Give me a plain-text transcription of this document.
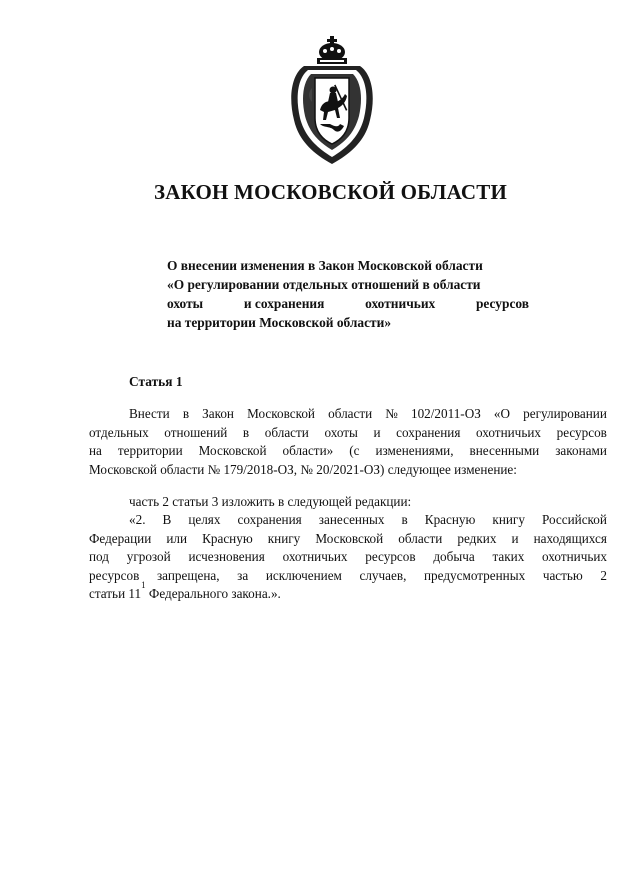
ЗАКОН МОСКОВСКОЙ ОБЛАСТИ
О внесении изменения в Закон Московской области
«О регулировании отдельных отношений в области
охоты	и сохранения	охотничьих	ресурсов
на территории Московской области»
Статья 1
Внести в Закон Московской области № 102/2011-ОЗ «О регулировании
отдельных отношений в области охоты и сохранения охотничьих ресурсов
на территории Московской области» (с изменениями, внесенными законами
Московской области № 179/2018-ОЗ, № 20/2021-ОЗ) следующее изменение:
часть 2 статьи 3 изложить в следующей редакции:
«2. В целях сохранения занесенных в Красную книгу Российской
Федерации или Красную книгу Московской области редких и находящихся
под угрозой исчезновения охотничьих ресурсов добыча таких охотничьих
ресурсов запрещена, за исключением случаев, предусмотренных частью 2
статьи 11
1
Федерального закона.».
